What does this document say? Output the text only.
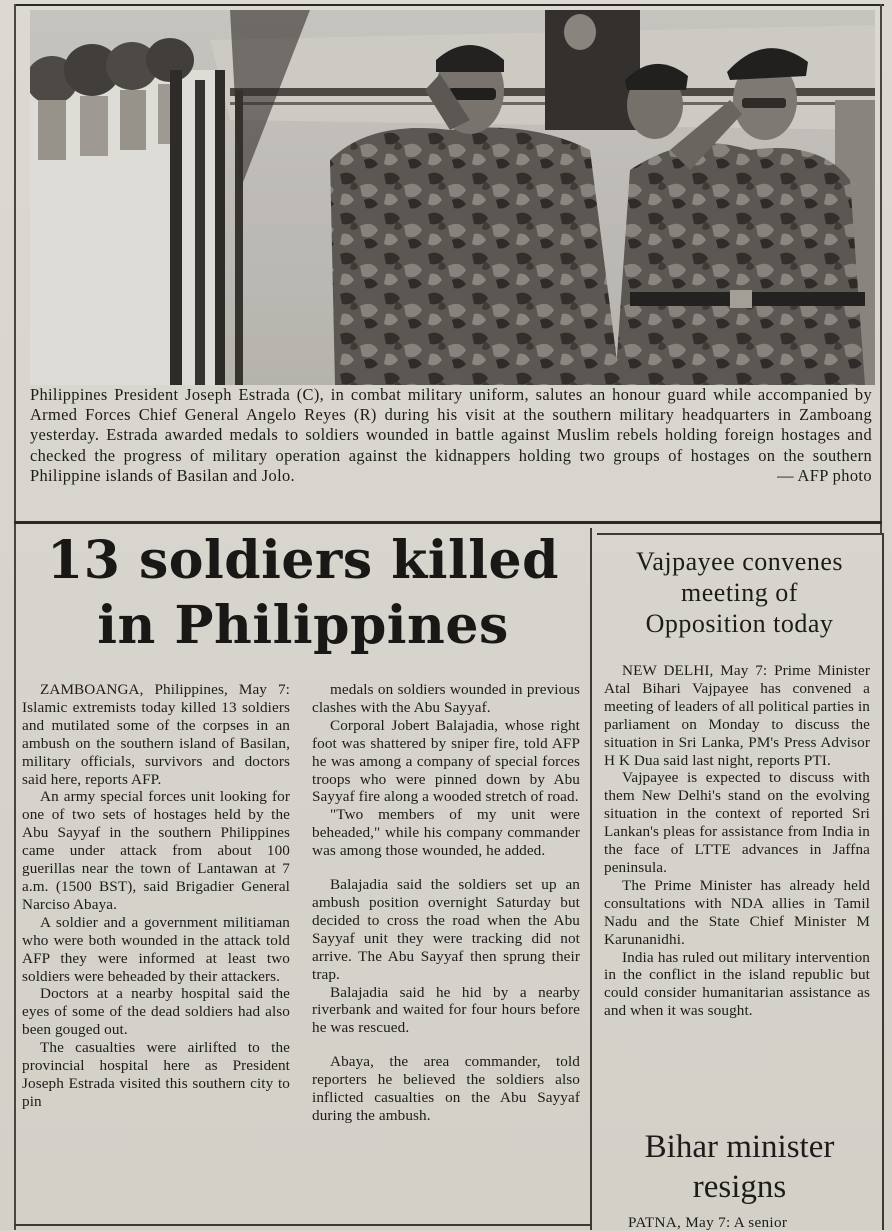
Philippines President Joseph Estrada (C), in combat military uniform, salutes an honour guard while accompanied by Armed Forces Chief General Angelo Reyes (R) during his visit at the southern military headquarters in Zamboang yesterday. Estrada awarded medals to soldiers wounded in battle against Muslim rebels holding foreign hostages and checked the progress of military operation against the kidnappers holding two groups of hostages on the southern Philippine islands of Basilan and Jolo.	— AFP photo

13 soldiers killed
in Philippines

ZAMBOANGA, Philippines, May 7: Islamic extremists today killed 13 soldiers and mutilated some of the corpses in an ambush on the southern island of Basilan, military officials, survivors and doctors said here, reports AFP.

An army special forces unit looking for one of two sets of hostages held by the Abu Sayyaf in the southern Philippines came under attack from about 100 guerillas near the town of Lantawan at 7 a.m. (1500 BST), said Brigadier General Narciso Abaya.

A soldier and a government militiaman who were both wounded in the attack told AFP they were informed at least two soldiers were beheaded by their attackers.

Doctors at a nearby hospital said the eyes of some of the dead soldiers had also been gouged out.

The casualties were airlifted to the provincial hospital here as President Joseph Estrada visited this southern city to pin

medals on soldiers wounded in previous clashes with the Abu Sayyaf.

Corporal Jobert Balajadia, whose right foot was shattered by sniper fire, told AFP he was among a company of special forces troops who were pinned down by Abu Sayyaf fire along a wooded stretch of road.

"Two members of my unit were beheaded," while his company commander was among those wounded, he added.

Balajadia said the soldiers set up an ambush position overnight Saturday but decided to cross the road when the Abu Sayyaf unit they were tracking did not arrive. The Abu Sayyaf then sprung their trap.

Balajadia said he hid by a nearby riverbank and waited for four hours before he was rescued.

Abaya, the area commander, told reporters he believed the soldiers also inflicted casualties on the Abu Sayyaf during the ambush.

Vajpayee convenes
meeting of
Opposition today

NEW DELHI, May 7: Prime Minister Atal Bihari Vajpayee has convened a meeting of leaders of all political parties in parliament on Monday to discuss the situation in Sri Lanka, PM's Press Advisor H K Dua said last night, reports PTI.

Vajpayee is expected to discuss with them New Delhi's stand on the evolving situation in the context of reported Sri Lankan's pleas for assistance from India in the face of LTTE advances in Jaffna peninsula.

The Prime Minister has already held consultations with NDA allies in Tamil Nadu and the State Chief Minister M Karunanidhi.

India has ruled out military intervention in the conflict in the island republic but could consider humanitarian assistance as and when it was sought.

Bihar minister
resigns
PATNA, May 7: A senior
